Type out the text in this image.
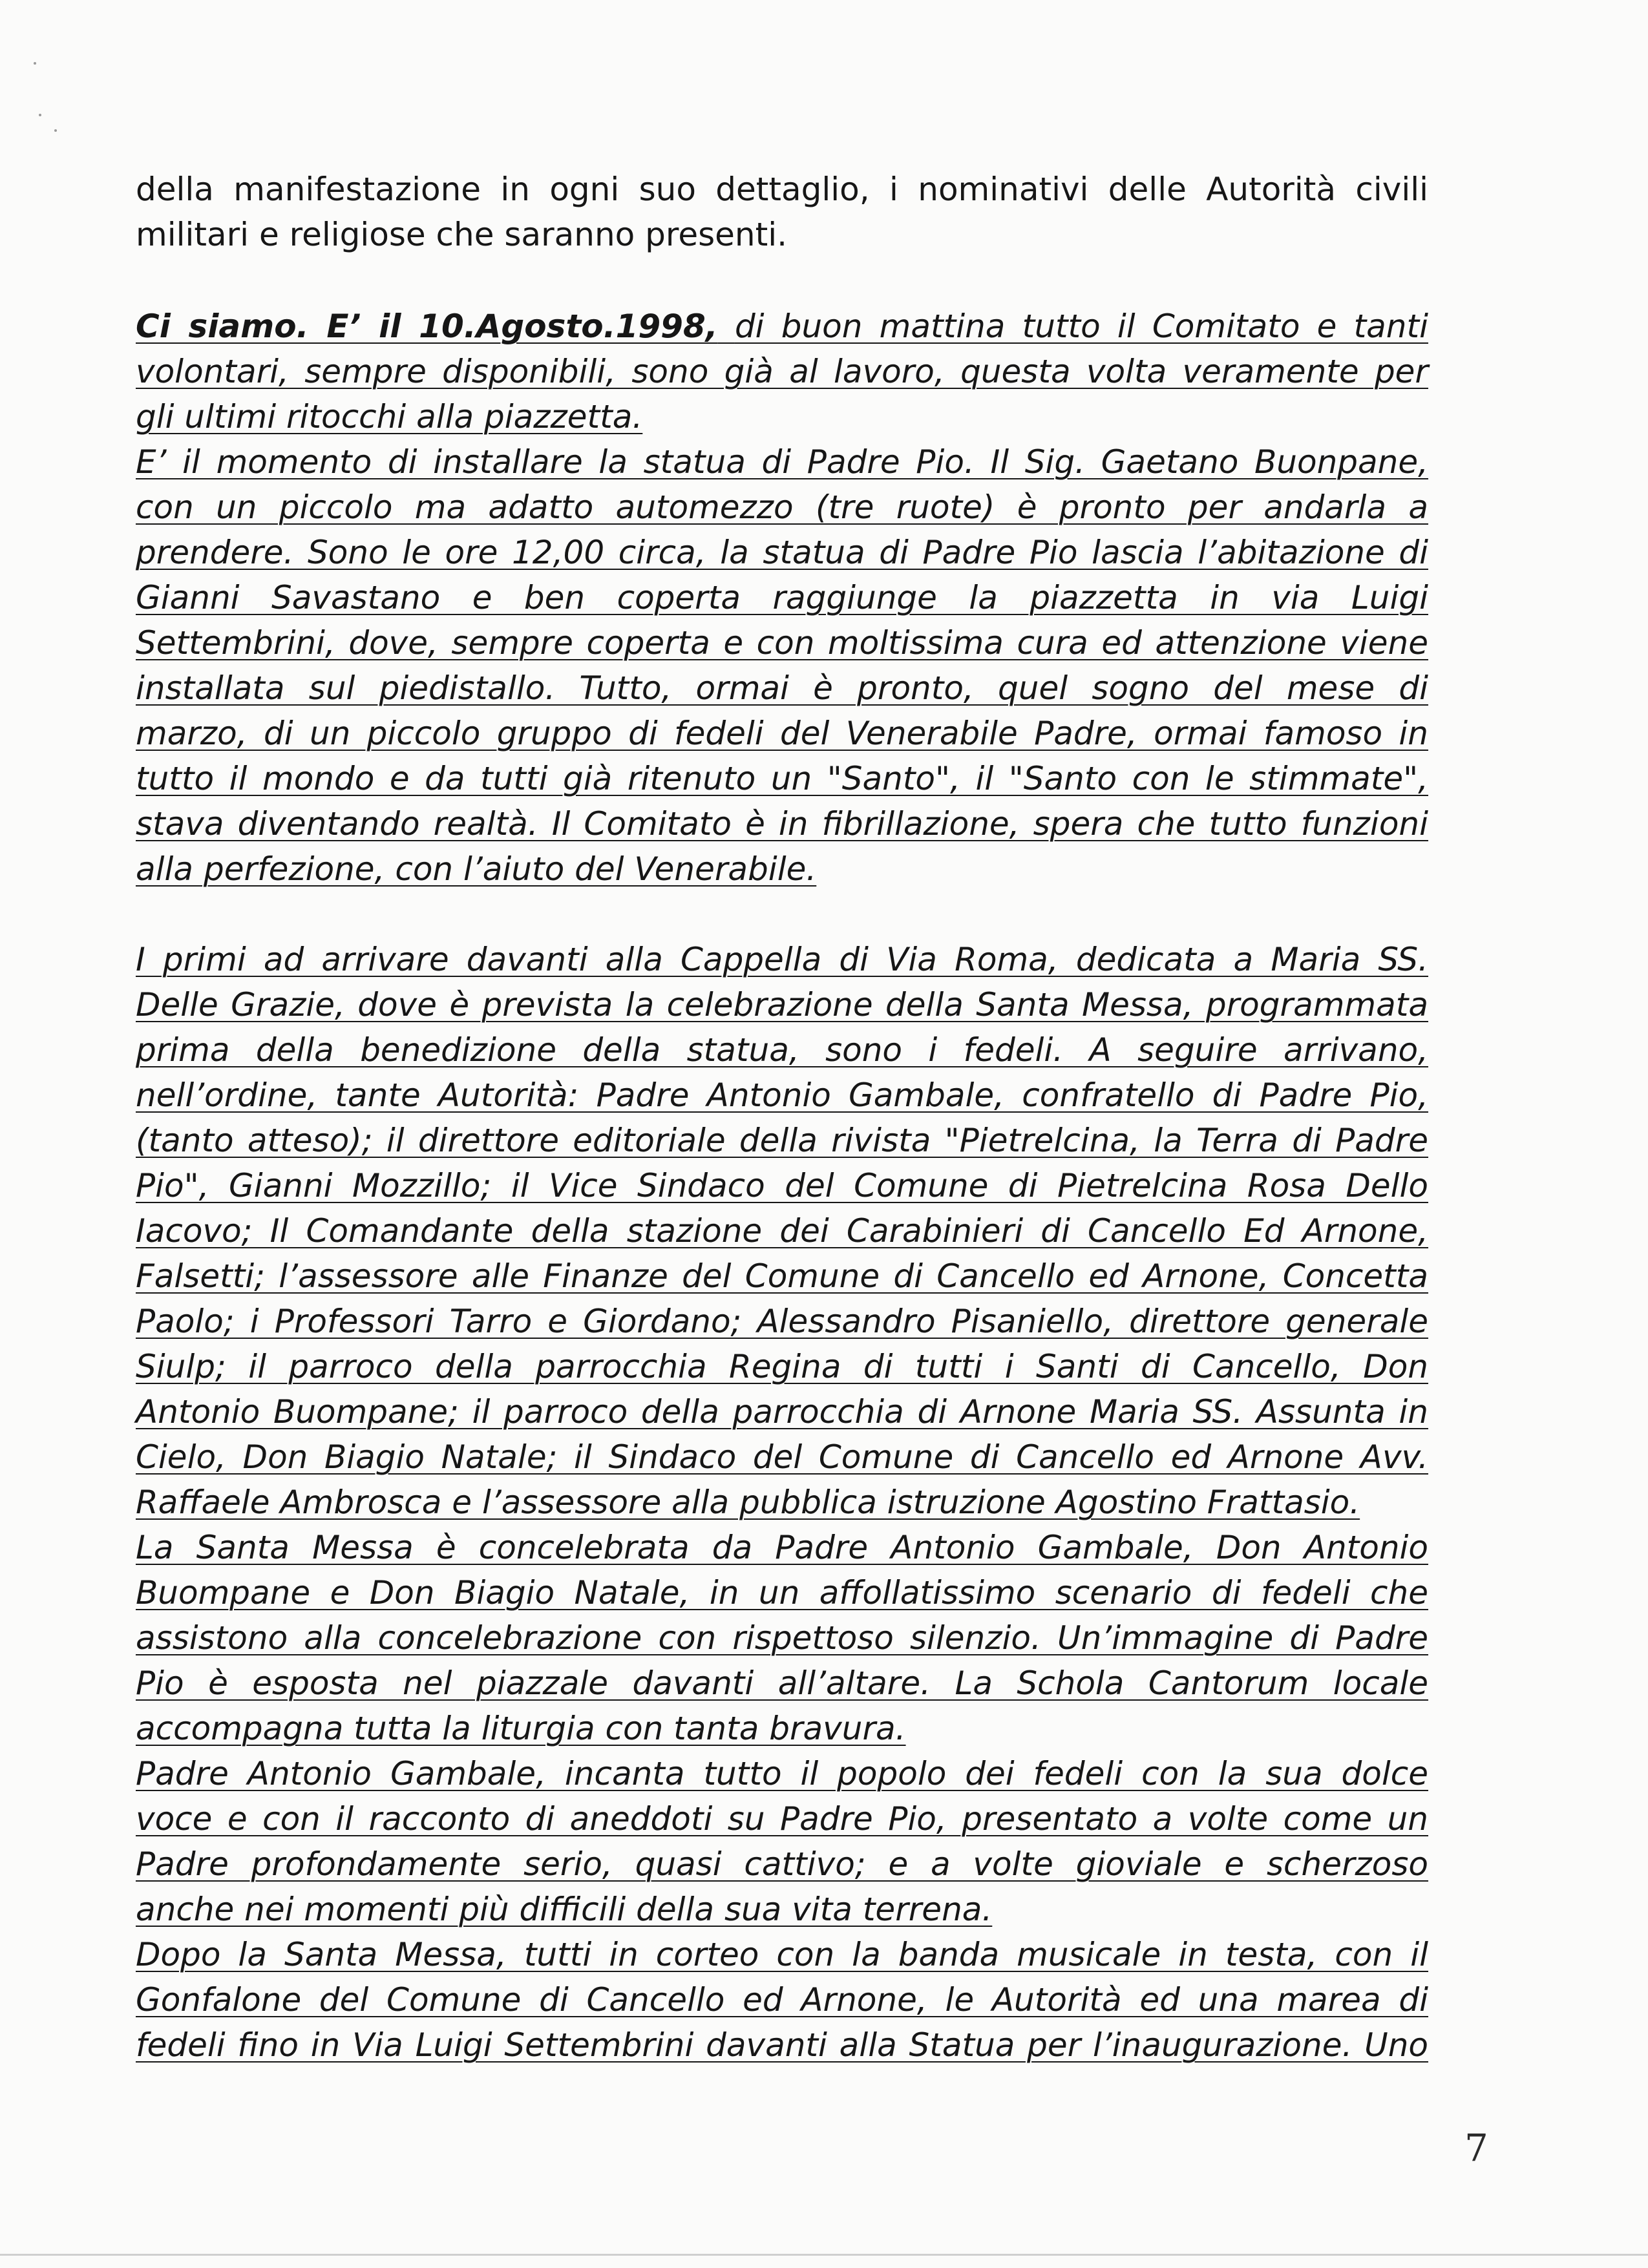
della manifestazione in ogni suo dettaglio, i nominativi delle Autorità civili
militari e religiose che saranno presenti.
Ci siamo. E’ il 10.Agosto.1998, di buon mattina tutto il Comitato e tanti
volontari, sempre disponibili, sono già al lavoro, questa volta veramente per
gli ultimi ritocchi alla piazzetta.
E’ il momento di installare la statua di Padre Pio. Il Sig. Gaetano Buonpane,
con un piccolo ma adatto automezzo (tre ruote) è pronto per andarla a
prendere. Sono le ore 12,00 circa, la statua di Padre Pio lascia l’abitazione di
Gianni Savastano e ben coperta raggiunge la piazzetta in via Luigi
Settembrini, dove, sempre coperta e con moltissima cura ed attenzione viene
installata sul piedistallo. Tutto, ormai è pronto, quel sogno del mese di
marzo, di un piccolo gruppo di fedeli del Venerabile Padre, ormai famoso in
tutto il mondo e da tutti già ritenuto un "Santo", il "Santo con le stimmate",
stava diventando realtà. Il Comitato è in fibrillazione, spera che tutto funzioni
alla perfezione, con l’aiuto del Venerabile.
I primi ad arrivare davanti alla Cappella di Via Roma, dedicata a Maria SS.
Delle Grazie, dove è prevista la celebrazione della Santa Messa, programmata
prima della benedizione della statua, sono i fedeli. A seguire arrivano,
nell’ordine, tante Autorità: Padre Antonio Gambale, confratello di Padre Pio,
(tanto atteso); il direttore editoriale della rivista "Pietrelcina, la Terra di Padre
Pio", Gianni Mozzillo; il Vice Sindaco del Comune di Pietrelcina Rosa Dello
Iacovo; Il Comandante della stazione dei Carabinieri di Cancello Ed Arnone,
Falsetti; l’assessore alle Finanze del Comune di Cancello ed Arnone, Concetta
Paolo; i Professori Tarro e Giordano; Alessandro Pisaniello, direttore generale
Siulp; il parroco della parrocchia Regina di tutti i Santi di Cancello, Don
Antonio Buompane; il parroco della parrocchia di Arnone Maria SS. Assunta in
Cielo, Don Biagio Natale; il Sindaco del Comune di Cancello ed Arnone Avv.
Raffaele Ambrosca e l’assessore alla pubblica istruzione Agostino Frattasio.
La Santa Messa è concelebrata da Padre Antonio Gambale, Don Antonio
Buompane e Don Biagio Natale, in un affollatissimo scenario di fedeli che
assistono alla concelebrazione con rispettoso silenzio. Un’immagine di Padre
Pio è esposta nel piazzale davanti all’altare. La Schola Cantorum locale
accompagna tutta la liturgia con tanta bravura.
Padre Antonio Gambale, incanta tutto il popolo dei fedeli con la sua dolce
voce e con il racconto di aneddoti su Padre Pio, presentato a volte come un
Padre profondamente serio, quasi cattivo; e a volte gioviale e scherzoso
anche nei momenti più difficili della sua vita terrena.
Dopo la Santa Messa, tutti in corteo con la banda musicale in testa, con il
Gonfalone del Comune di Cancello ed Arnone, le Autorità ed una marea di
fedeli fino in Via Luigi Settembrini davanti alla Statua per l’inaugurazione. Uno
7
